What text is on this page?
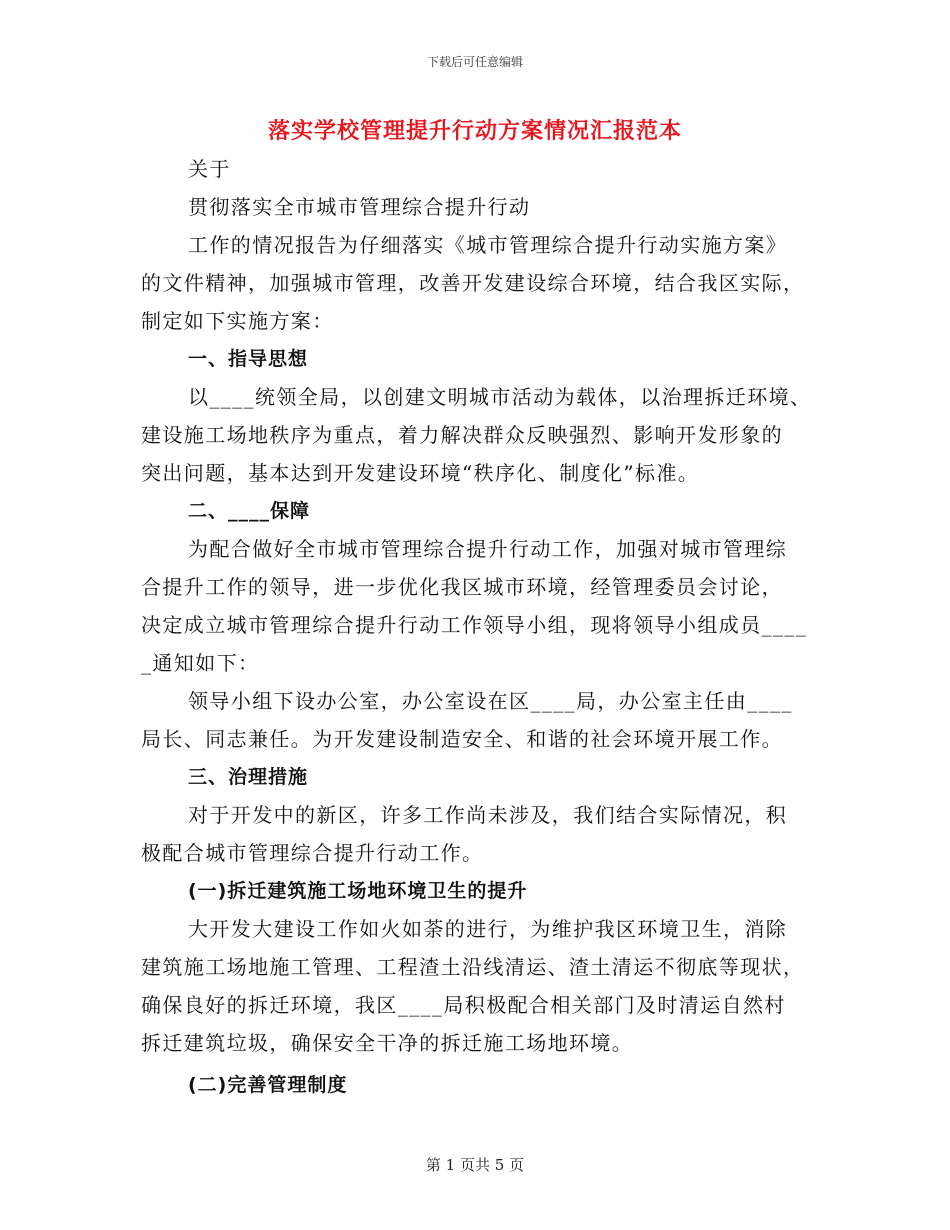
下载后可任意编辑
落实学校管理提升行动方案情况汇报范本
关于
贯彻落实全市城市管理综合提升行动
工作的情况报告为仔细落实《城市管理综合提升行动实施方案》
的文件精神，加强城市管理，改善开发建设综合环境，结合我区实际，
制定如下实施方案：
一、指导思想
以____统领全局，以创建文明城市活动为载体，以治理拆迁环境、
建设施工场地秩序为重点，着力解决群众反映强烈、影响开发形象的
突出问题，基本达到开发建设环境“秩序化、制度化”标准。
二、____保障
为配合做好全市城市管理综合提升行动工作，加强对城市管理综
合提升工作的领导，进一步优化我区城市环境，经管理委员会讨论，
决定成立城市管理综合提升行动工作领导小组，现将领导小组成员____
_通知如下：
领导小组下设办公室，办公室设在区____局，办公室主任由____
局长、同志兼任。为开发建设制造安全、和谐的社会环境开展工作。
三、治理措施
对于开发中的新区，许多工作尚未涉及，我们结合实际情况，积
极配合城市管理综合提升行动工作。
(一)拆迁建筑施工场地环境卫生的提升
大开发大建设工作如火如荼的进行，为维护我区环境卫生，消除
建筑施工场地施工管理、工程渣土沿线清运、渣土清运不彻底等现状，
确保良好的拆迁环境，我区____局积极配合相关部门及时清运自然村
拆迁建筑垃圾，确保安全干净的拆迁施工场地环境。
(二)完善管理制度
第 1 页共 5 页
